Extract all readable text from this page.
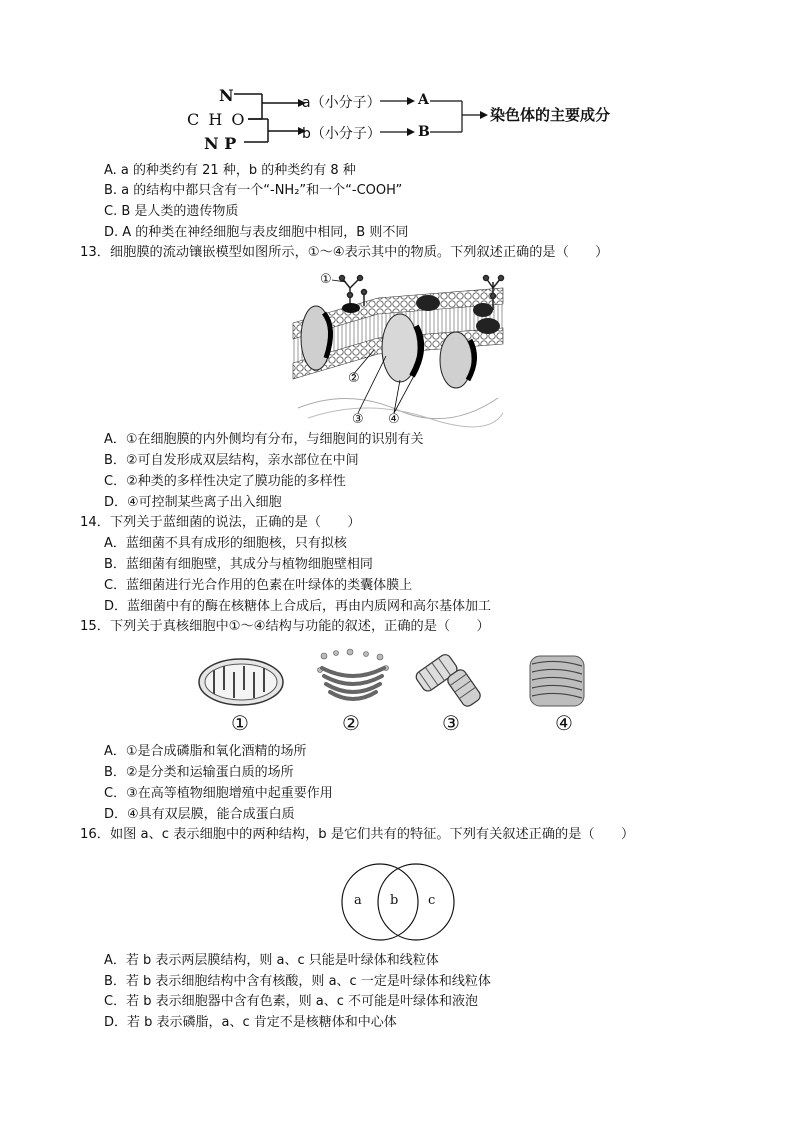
N
C H O
N P
a（小分子）
b（小分子）
A
B
染色体的主要成分
A. a 的种类约有 21 种，b 的种类约有 8 种
B. a 的结构中都只含有一个“-NH₂”和一个“-COOH”
C. B 是人类的遗传物质
D. A 的种类在神经细胞与表皮细胞中相同，B 则不同
13．细胞膜的流动镶嵌模型如图所示，①～④表示其中的物质。下列叙述正确的是（　　）
①
②
③ ④
A．①在细胞膜的内外侧均有分布，与细胞间的识别有关
B．②可自发形成双层结构，亲水部位在中间
C．②种类的多样性决定了膜功能的多样性
D．④可控制某些离子出入细胞
14．下列关于蓝细菌的说法，正确的是（　　）
A．蓝细菌不具有成形的细胞核，只有拟核
B．蓝细菌有细胞壁，其成分与植物细胞壁相同
C．蓝细菌进行光合作用的色素在叶绿体的类囊体膜上
D．蓝细菌中有的酶在核糖体上合成后，再由内质网和高尔基体加工
15．下列关于真核细胞中①～④结构与功能的叙述，正确的是（　　）
①	②	③	④
A．①是合成磷脂和氧化酒精的场所
B．②是分类和运输蛋白质的场所
C．③在高等植物细胞增殖中起重要作用
D．④具有双层膜，能合成蛋白质
16．如图 a、c 表示细胞中的两种结构，b 是它们共有的特征。下列有关叙述正确的是（　　）
a b c
A．若 b 表示两层膜结构，则 a、c 只能是叶绿体和线粒体
B．若 b 表示细胞结构中含有核酸，则 a、c 一定是叶绿体和线粒体
C．若 b 表示细胞器中含有色素，则 a、c 不可能是叶绿体和液泡
D．若 b 表示磷脂，a、c 肯定不是核糖体和中心体
